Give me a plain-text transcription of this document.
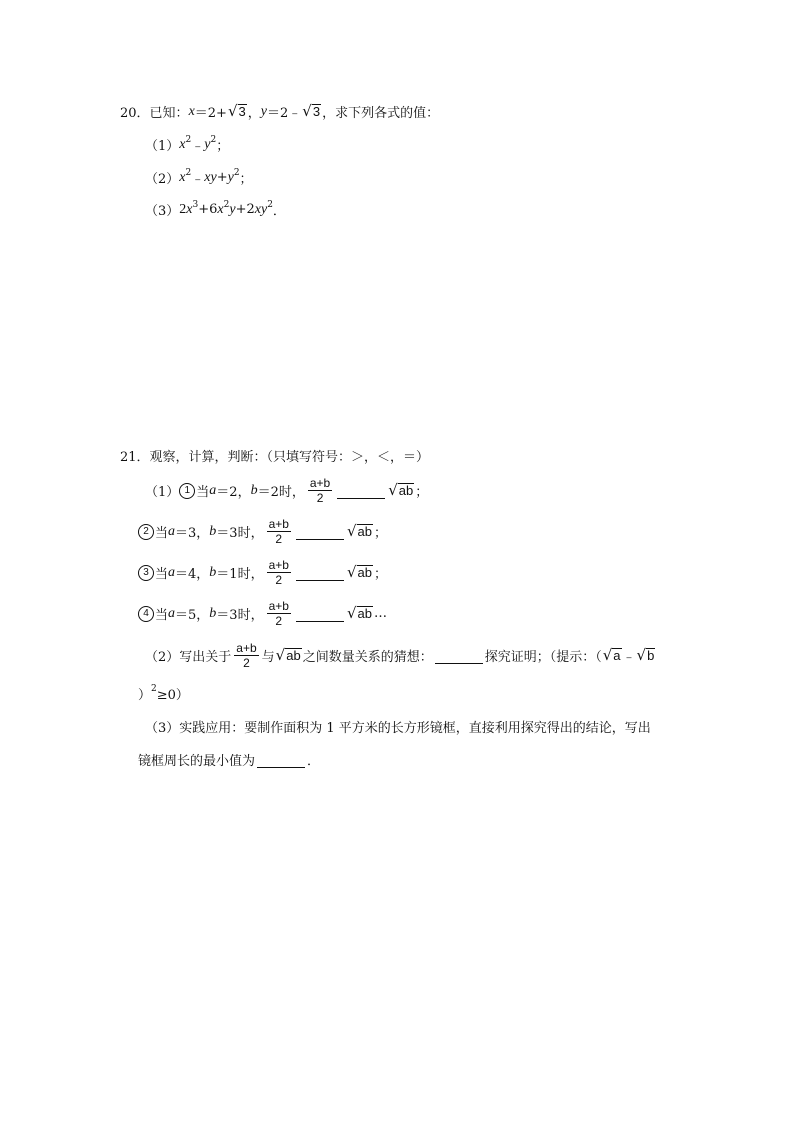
20． 已知： x ＝2+ √ 3 ， y ＝2﹣ √ 3 ，求下列各式的值：
（1） $x^2$ ﹣ $y^2$ ；
（2） $x^2$ ﹣ xy + $y^2$ ；
（3） 2 $x^3 +6$ $x^2$ y +2 $xy^2$ ．
21． 观察，计算，判断：（只填写符号：＞，＜，＝）
（1） 1 当 a ＝2， b ＝2时， $\frac{a+b}{2}$	√ ab ；
2 当 a ＝3， b ＝3时， $\frac{a+b}{2}$	√ ab ；
3 当 a ＝4， b ＝1时， $\frac{a+b}{2}$	√ ab ；
4 当 a ＝5， b ＝3时， $\frac{a+b}{2}$	√ ab …
（2） 写出关于 $\frac{a+b}{2}$ 与 √ ab 之间数量关系的猜想：	探究证明；（提示：（ √ a ﹣ √ b
）$^2$ ≥0）
（3）实践应用：要制作面积为 1 平方米的长方形镜框，直接利用探究得出的结论，写出
镜框周长的最小值为	．
